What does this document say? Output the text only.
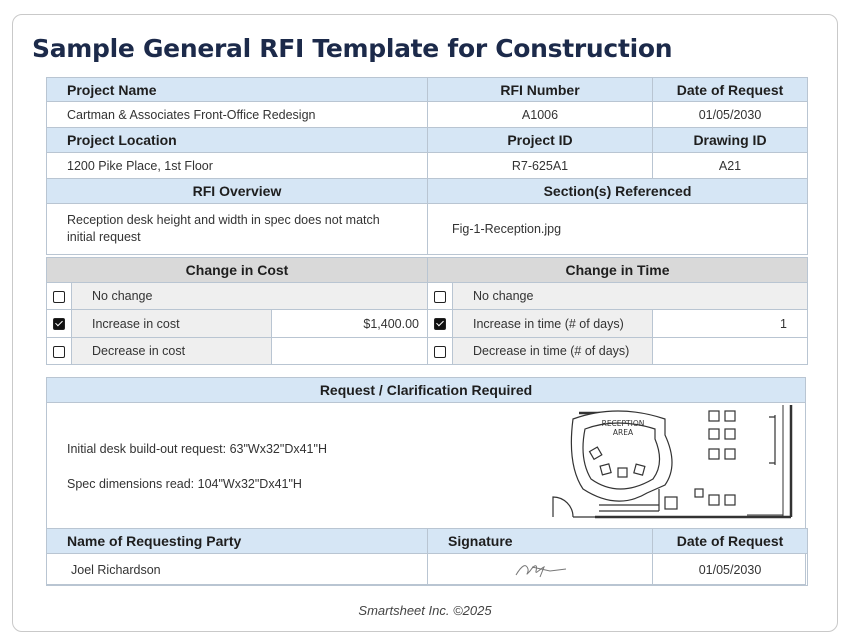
Sample General RFI Template for Construction
Project Name	RFI Number	Date of Request
Cartman & Associates Front-Office Redesign	A1006	01/05/2030
Project Location	Project ID	Drawing ID
1200 Pike Place, 1st Floor	R7-625A1	A21
RFI Overview	Section(s) Referenced	
Reception desk height and width in spec does not match initial request	Fig-1-Reception.jpg	
Change in Cost			Change in Time		
	No change			No change	
	Increase in cost	$1,400.00		Increase in time (# of days)	1
	Decrease in cost			Decrease in time (# of days)	
Request / Clarification Required
Initial desk build-out request: 63"Wx32"Dx41"H
Spec dimensions read: 104"Wx32"Dx41"H
RECEPTION
AREA
Name of Requesting Party	Signature	Date of Request
Joel Richardson		01/05/2030
Smartsheet Inc. ©2025
